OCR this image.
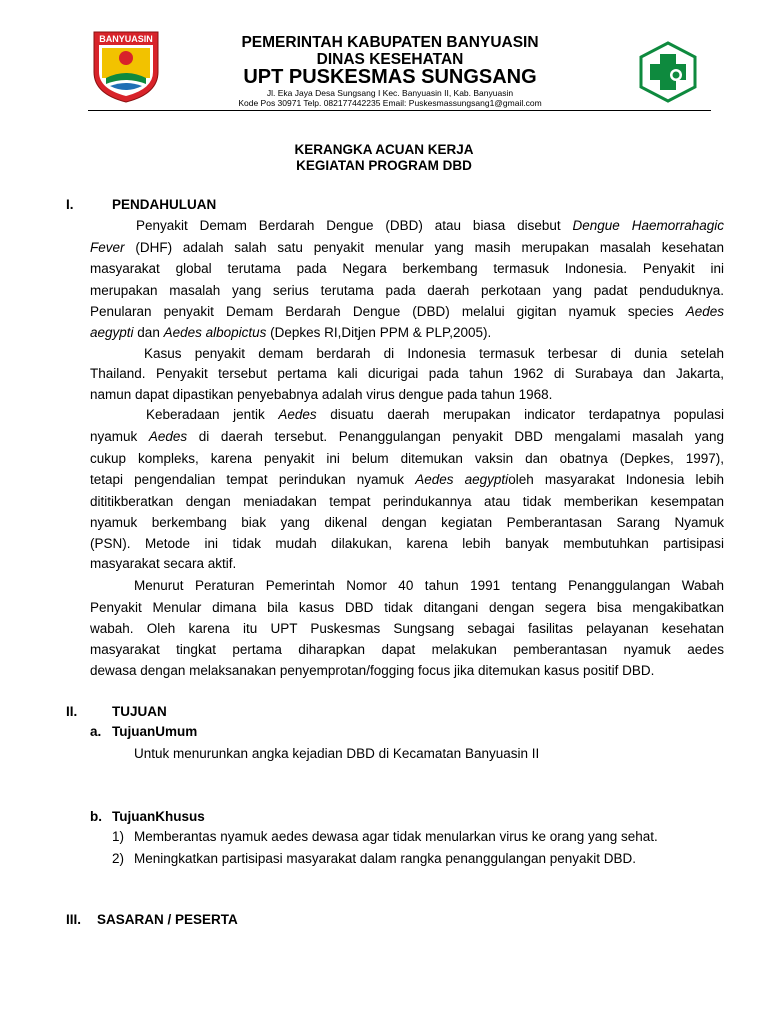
BANYUASIN	PEMERINTAH KABUPATEN BANYUASIN
DINAS KESEHATAN
UPT PUSKESMAS SUNGSANG
Jl. Eka Jaya Desa Sungsang I Kec. Banyuasin II, Kab. Banyuasin
Kode Pos 30971 Telp. 082177442235 Email: Puskesmassungsang1@gmail.com
KERANGKA ACUAN KERJA
KEGIATAN PROGRAM DBD
I.	PENDAHULUAN
Penyakit Demam Berdarah Dengue (DBD) atau biasa disebut Dengue Haemorrahagic
Fever (DHF) adalah salah satu penyakit menular yang masih merupakan masalah kesehatan
masyarakat global terutama pada Negara berkembang termasuk Indonesia. Penyakit ini
merupakan masalah yang serius terutama pada daerah perkotaan yang padat penduduknya.
Penularan penyakit Demam Berdarah Dengue (DBD) melalui gigitan nyamuk species Aedes
aegypti dan Aedes albopictus (Depkes RI,Ditjen PPM & PLP,2005).
Kasus penyakit demam berdarah di Indonesia termasuk terbesar di dunia setelah
Thailand. Penyakit tersebut pertama kali dicurigai pada tahun 1962 di Surabaya dan Jakarta,
namun dapat dipastikan penyebabnya adalah virus dengue pada tahun 1968.
Keberadaan jentik Aedes disuatu daerah merupakan indicator terdapatnya populasi
nyamuk Aedes di daerah tersebut. Penanggulangan penyakit DBD mengalami masalah yang
cukup kompleks, karena penyakit ini belum ditemukan vaksin dan obatnya (Depkes, 1997),
tetapi pengendalian tempat perindukan nyamuk Aedes aegyptioleh masyarakat Indonesia lebih
dititikberatkan dengan meniadakan tempat perindukannya atau tidak memberikan kesempatan
nyamuk berkembang biak yang dikenal dengan kegiatan Pemberantasan Sarang Nyamuk
(PSN). Metode ini tidak mudah dilakukan, karena lebih banyak membutuhkan partisipasi
masyarakat secara aktif.
Menurut Peraturan Pemerintah Nomor 40 tahun 1991 tentang Penanggulangan Wabah
Penyakit Menular dimana bila kasus DBD tidak ditangani dengan segera bisa mengakibatkan
wabah. Oleh karena itu UPT Puskesmas Sungsang sebagai fasilitas pelayanan kesehatan
masyarakat tingkat pertama diharapkan dapat melakukan pemberantasan nyamuk aedes
dewasa dengan melaksanakan penyemprotan/fogging focus jika ditemukan kasus positif DBD.
II.	TUJUAN
a. TujuanUmum
Untuk menurunkan angka kejadian DBD di Kecamatan Banyuasin II
b. TujuanKhusus
1) Memberantas nyamuk aedes dewasa agar tidak menularkan virus ke orang yang sehat.
2) Meningkatkan partisipasi masyarakat dalam rangka penanggulangan penyakit DBD.
III. SASARAN / PESERTA
